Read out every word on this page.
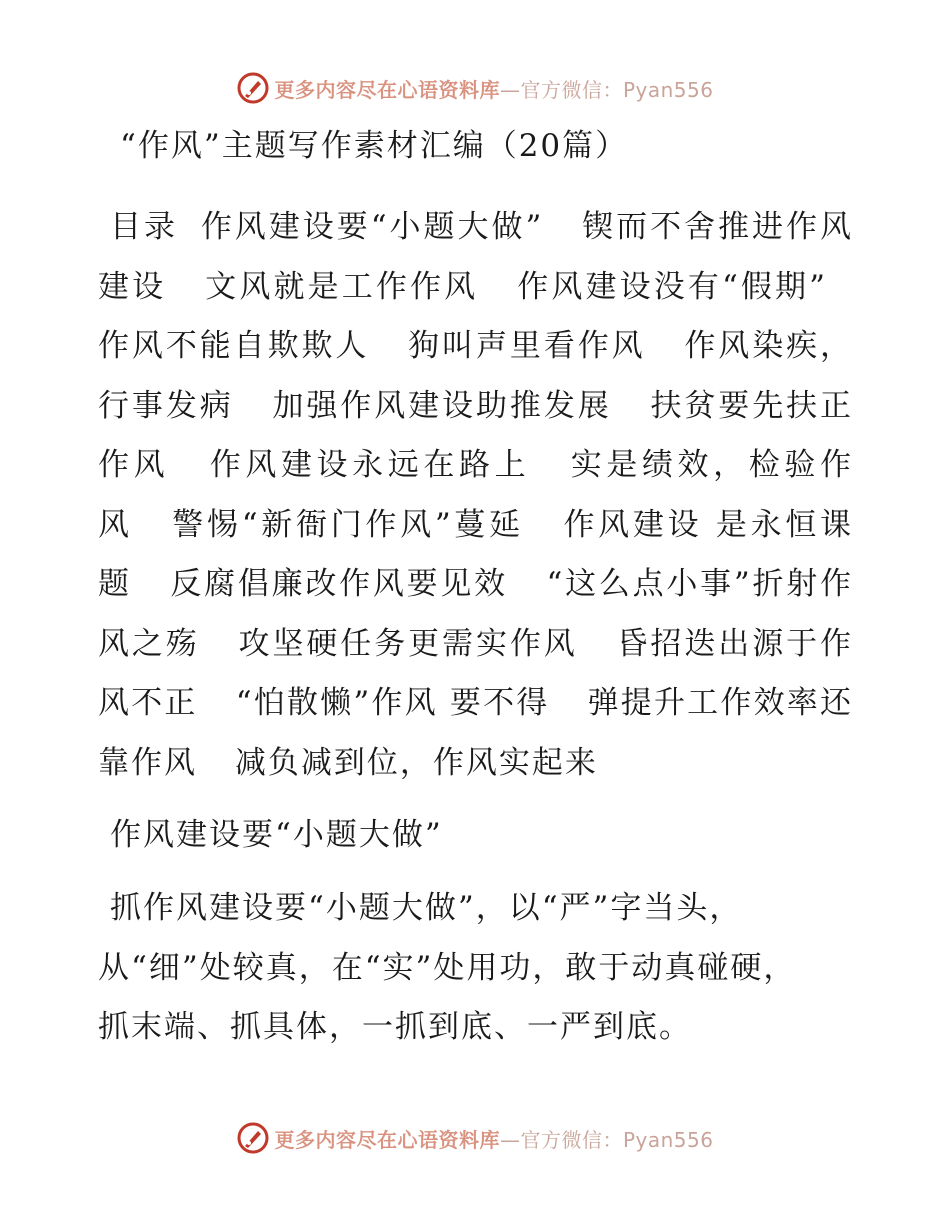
更多内容尽在心语资料库—官方微信：Pyan556
“作风”主题写作素材汇编（20篇）

目录 作风建设要“小题大做” 锲而不舍推进作风建设 文风就是工作作风 作风建设没有“假期” 作风不能自欺欺人 狗叫声里看作风 作风染疾，行事发病 加强作风建设助推发展 扶贫要先扶正作风 作风建设永远在路上 实是绩效，检验作风 警惕“新衙门作风”蔓延 作风建设 是永恒课题 反腐倡廉改作风要见效 “这么点小事”折射作风之殇 攻坚硬任务更需实作风 昏招迭出源于作风不正 “怕散懒”作风 要不得 弹提升工作效率还靠作风 减负减到位，作风实起来

作风建设要“小题大做”

抓作风建设要“小题大做”，以“严”字当头，从“细”处较真，在“实”处用功，敢于动真碰硬，抓末端、抓具体，一抓到底、一严到底。

更多内容尽在心语资料库—官方微信：Pyan556
